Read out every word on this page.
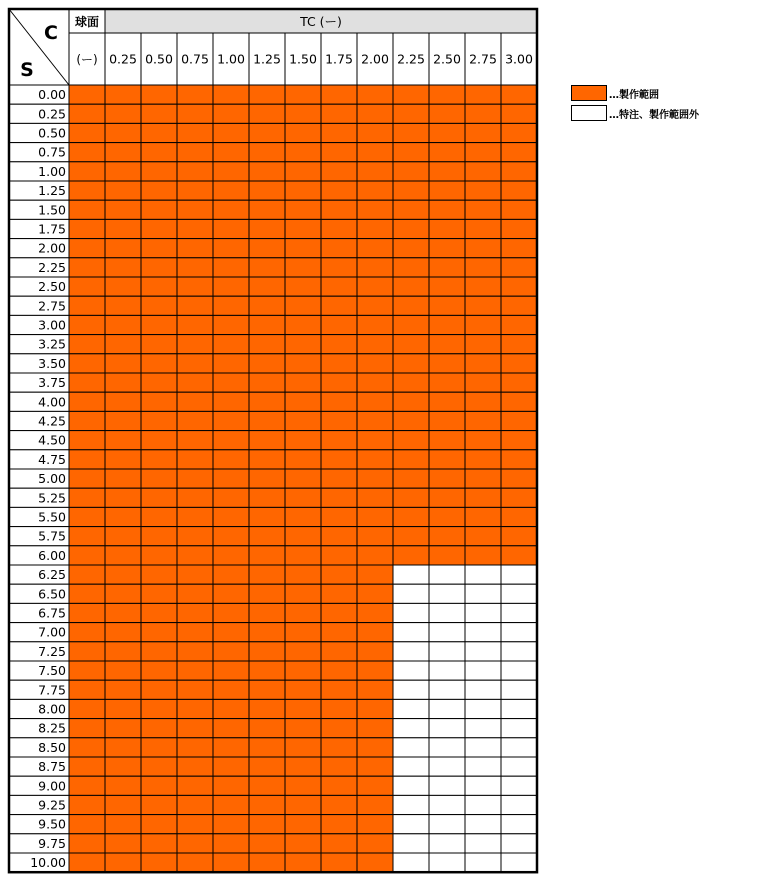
0.00
0.25
0.50
0.75
1.00
1.25
1.50
1.75
2.00
2.25
2.50
2.75
3.00
3.25
3.50
3.75
4.00
4.25
4.50
4.75
5.00
5.25
5.50
5.75
6.00
6.25
6.50
6.75
7.00
7.25
7.50
7.75
8.00
8.25
8.50
8.75
9.00
9.25
9.50
9.75
10.00
C
S
球面
(ー)
TC (ー)
0.25 0.50 0.75 1.00 1.25 1.50 1.75 2.00 2.25 2.50 2.75 3.00
…製作範囲
…特注、製作範囲外
